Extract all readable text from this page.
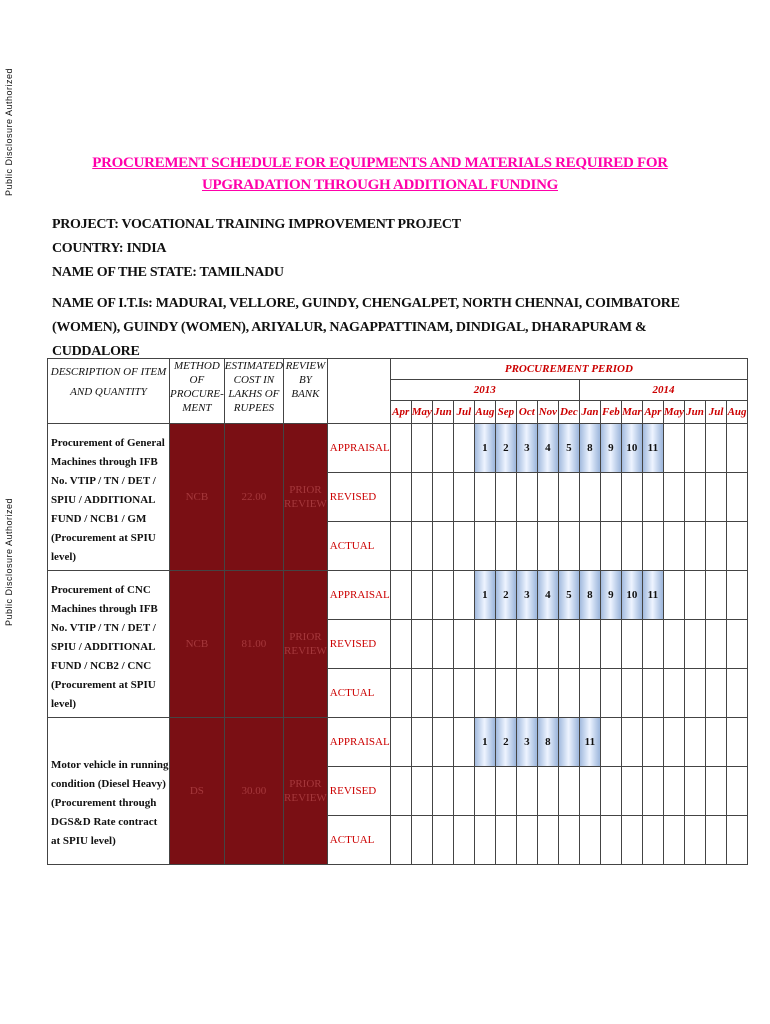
Public Disclosure Authorized
Public Disclosure Authorized
PROCUREMENT SCHEDULE FOR EQUIPMENTS AND MATERIALS REQUIRED FOR UPGRADATION THROUGH ADDITIONAL FUNDING
PROJECT: VOCATIONAL TRAINING IMPROVEMENT PROJECT
COUNTRY: INDIA
NAME OF THE STATE: TAMILNADU
NAME OF I.T.Is: MADURAI, VELLORE, GUINDY, CHENGALPET, NORTH CHENNAI, COIMBATORE (WOMEN), GUINDY (WOMEN), ARIYALUR, NAGAPPATTINAM, DINDIGAL, DHARAPURAM & CUDDALORE
DESCRIPTION OF ITEM AND QUANTITY	METHOD OF PROCURE-MENT	ESTIMATED COST IN LAKHS OF RUPEES	REVIEW BY BANK		PROCUREMENT PERIOD																
					2013									2014							
					Apr	May	Jun	Jul	Aug	Sep	Oct	Nov	Dec	Jan	Feb	Mar	Apr	May	Jun	Jul	Aug
Procurement of General Machines through IFB No. VTIP / TN / DET / SPIU / ADDITIONAL FUND / NCB1 / GM (Procurement at SPIU level)	NCB	22.00	PRIOR REVIEW	APPRAISAL					1	2	3	4	5	8	9	10	11				
				REVISED																	
				ACTUAL																	
Procurement of CNC Machines through IFB No. VTIP / TN / DET / SPIU / ADDITIONAL FUND / NCB2 / CNC (Procurement at SPIU level)	NCB	81.00	PRIOR REVIEW	APPRAISAL					1	2	3	4	5	8	9	10	11				
				REVISED																	
				ACTUAL																	
Motor vehicle in running condition (Diesel Heavy) (Procurement through DGS&D Rate contract at SPIU level)	DS	30.00	PRIOR REVIEW	APPRAISAL					1	2	3	8		11							
				REVISED																	
				ACTUAL																	
